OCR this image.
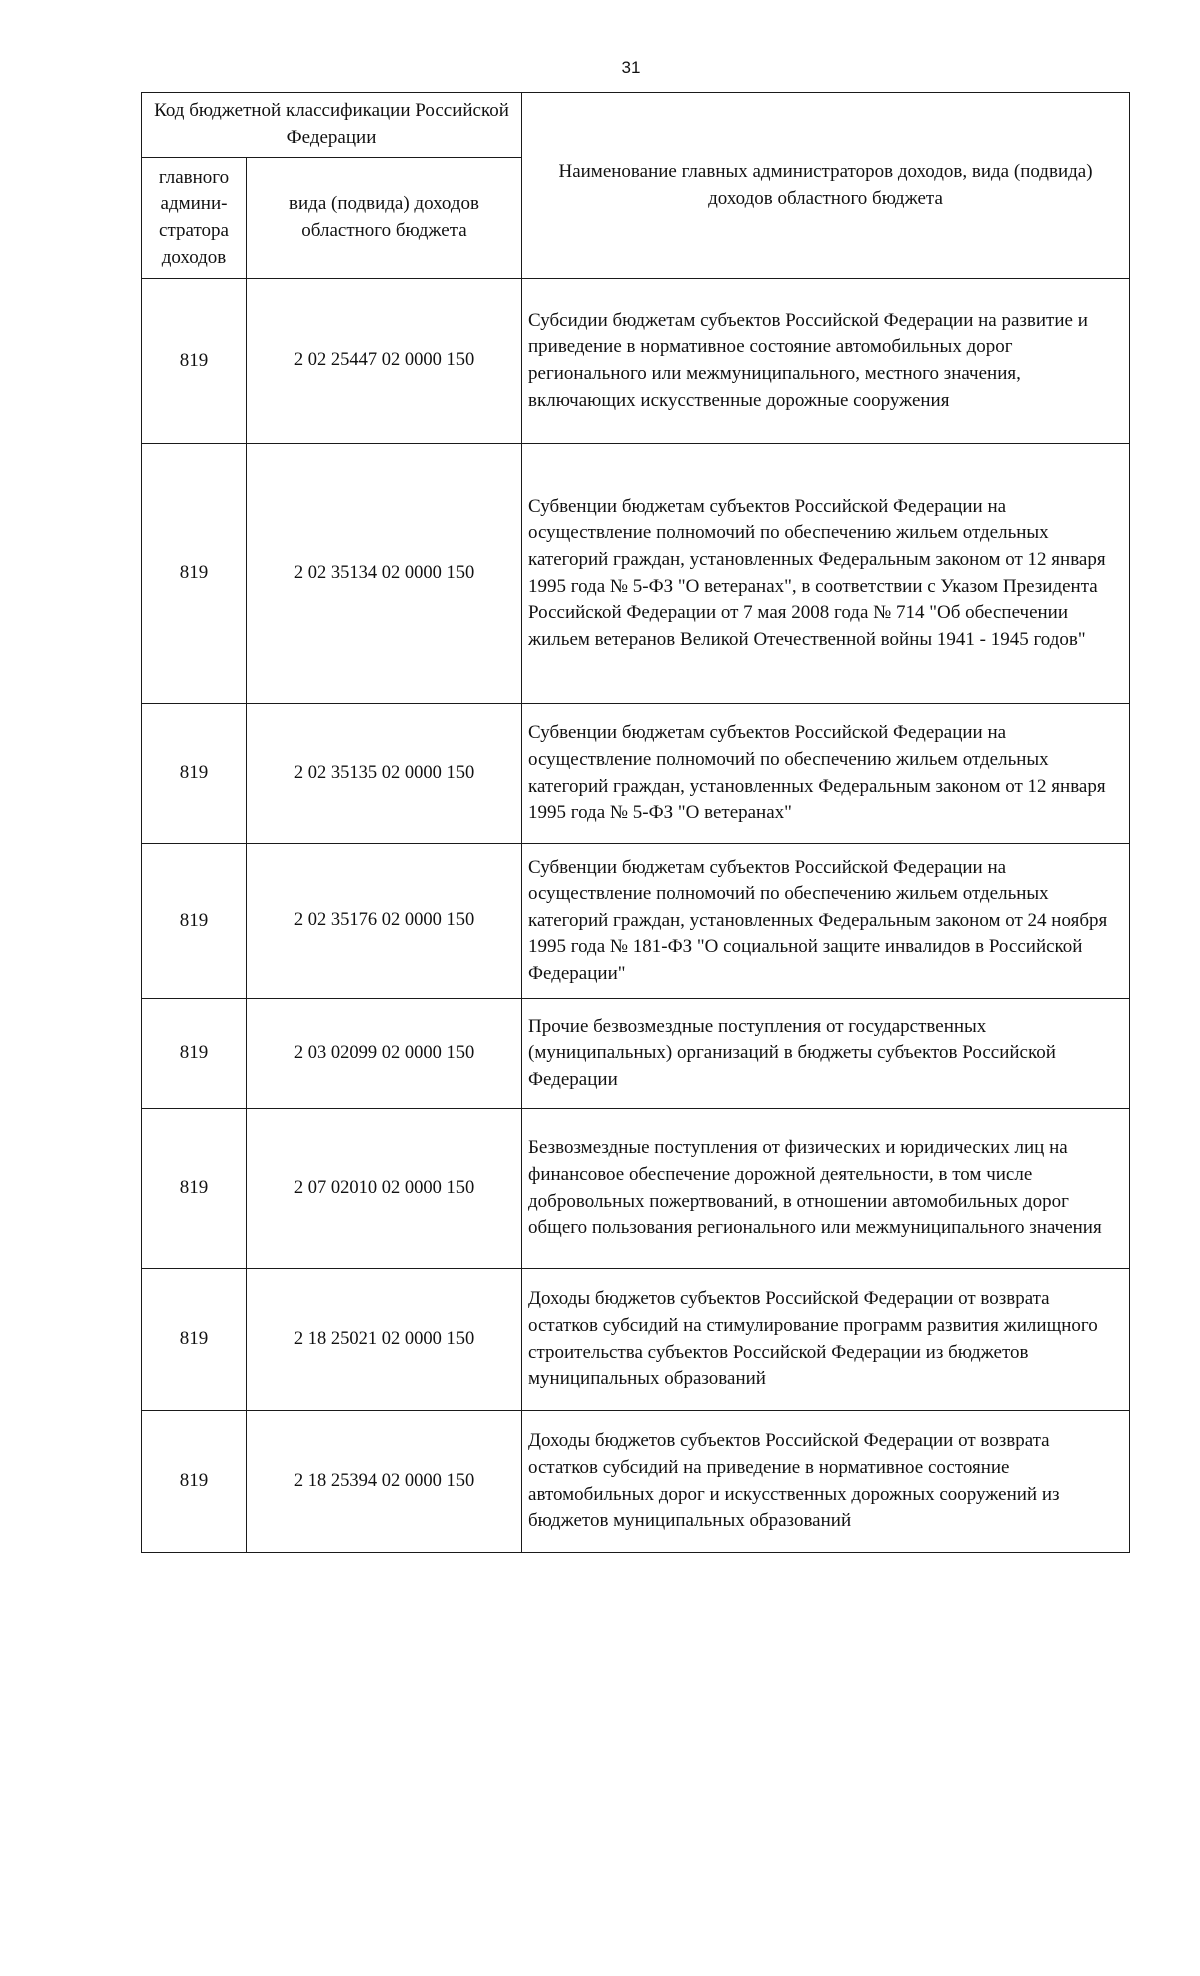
31
Код бюджетной классификации Российской Федерации		Наименование главных администраторов доходов, вида (подвида) доходов областного бюджета
главного администратора доходов	вида (подвида) доходов областного бюджета	
819	2 02 25447 02 0000 150	Субсидии бюджетам субъектов Российской Федерации на развитие и приведение в нормативное состояние автомобильных дорог регионального или межмуниципального, местного значения, включающих искусственные дорожные сооружения
819	2 02 35134 02 0000 150	Субвенции бюджетам субъектов Российской Федерации на осуществление полномочий по обеспечению жильем отдельных категорий граждан, установленных Федеральным законом от 12 января 1995 года № 5-ФЗ "О ветеранах", в соответствии с Указом Президента Российской Федерации от 7 мая 2008 года № 714 "Об обеспечении жильем ветеранов Великой Отечественной войны 1941 - 1945 годов"
819	2 02 35135 02 0000 150	Субвенции бюджетам субъектов Российской Федерации на осуществление полномочий по обеспечению жильем отдельных категорий граждан, установленных Федеральным законом от 12 января 1995 года № 5-ФЗ "О ветеранах"
819	2 02 35176 02 0000 150	Субвенции бюджетам субъектов Российской Федерации на осуществление полномочий по обеспечению жильем отдельных категорий граждан, установленных Федеральным законом от 24 ноября 1995 года № 181-ФЗ "О социальной защите инвалидов в Российской Федерации"
819	2 03 02099 02 0000 150	Прочие безвозмездные поступления от государственных (муниципальных) организаций в бюджеты субъектов Российской Федерации
819	2 07 02010 02 0000 150	Безвозмездные поступления от физических и юридических лиц на финансовое обеспечение дорожной деятельности, в том числе добровольных пожертвований, в отношении автомобильных дорог общего пользования регионального или межмуниципального значения
819	2 18 25021 02 0000 150	Доходы бюджетов субъектов Российской Федерации от возврата остатков субсидий на стимулирование программ развития жилищного строительства субъектов Российской Федерации из бюджетов муниципальных образований
819	2 18 25394 02 0000 150	Доходы бюджетов субъектов Российской Федерации от возврата остатков субсидий на приведение в нормативное состояние автомобильных дорог и искусственных дорожных сооружений из бюджетов муниципальных образований
